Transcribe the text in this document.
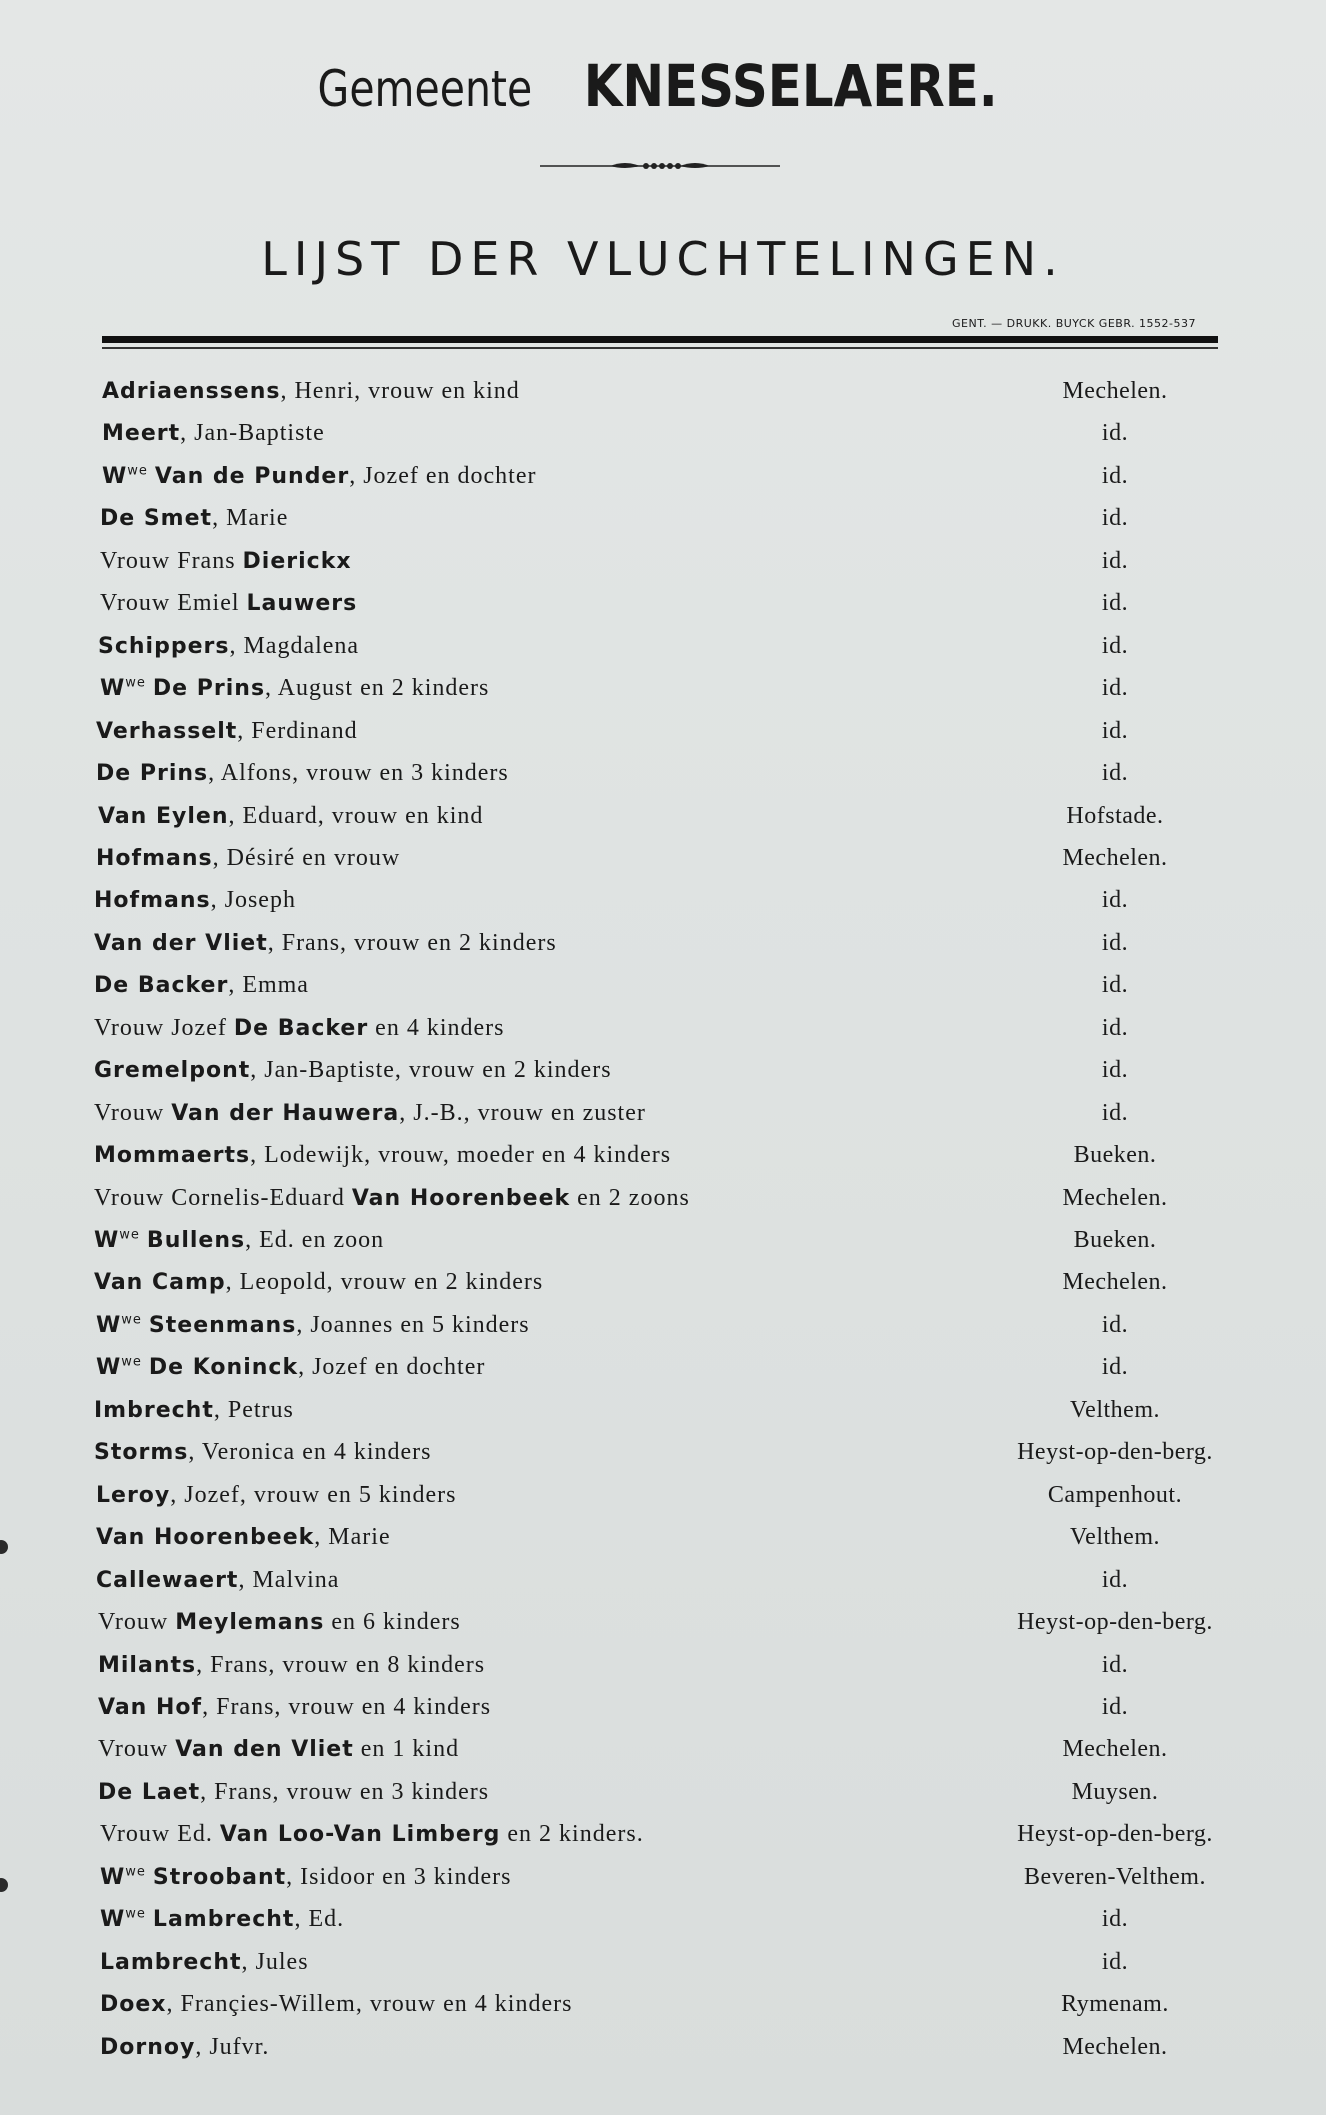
Gemeente KNESSELAERE.
LIJST DER VLUCHTELINGEN.
GENT. — DRUKK. BUYCK GEBR. 1552-537
Adriaenssens, Henri, vrouw en kind	Mechelen.
Meert, Jan-Baptiste	id.
$W^{we}$ Van de Punder, Jozef en dochter	id.
De Smet, Marie	id.
Vrouw Frans Dierickx	id.
Vrouw Emiel Lauwers	id.
Schippers, Magdalena	id.
$W^{we}$ De Prins, August en 2 kinders	id.
Verhasselt, Ferdinand	id.
De Prins, Alfons, vrouw en 3 kinders	id.
Van Eylen, Eduard, vrouw en kind	Hofstade.
Hofmans, Désiré en vrouw	Mechelen.
Hofmans, Joseph	id.
Van der Vliet, Frans, vrouw en 2 kinders	id.
De Backer, Emma	id.
Vrouw Jozef De Backer en 4 kinders	id.
Gremelpont, Jan-Baptiste, vrouw en 2 kinders	id.
Vrouw Van der Hauwera, J.-B., vrouw en zuster	id.
Mommaerts, Lodewijk, vrouw, moeder en 4 kinders	Bueken.
Vrouw Cornelis-Eduard Van Hoorenbeek en 2 zoons	Mechelen.
$W^{we}$ Bullens, Ed. en zoon	Bueken.
Van Camp, Leopold, vrouw en 2 kinders	Mechelen.
$W^{we}$ Steenmans, Joannes en 5 kinders	id.
$W^{we}$ De Koninck, Jozef en dochter	id.
Imbrecht, Petrus	Velthem.
Storms, Veronica en 4 kinders	Heyst-op-den-berg.
Leroy, Jozef, vrouw en 5 kinders	Campenhout.
Van Hoorenbeek, Marie	Velthem.
Callewaert, Malvina	id.
Vrouw Meylemans en 6 kinders	Heyst-op-den-berg.
Milants, Frans, vrouw en 8 kinders	id.
Van Hof, Frans, vrouw en 4 kinders	id.
Vrouw Van den Vliet en 1 kind	Mechelen.
De Laet, Frans, vrouw en 3 kinders	Muysen.
Vrouw Ed. Van Loo-Van Limberg en 2 kinders.	Heyst-op-den-berg.
$W^{we}$ Stroobant, Isidoor en 3 kinders	Beveren-Velthem.
$W^{we}$ Lambrecht, Ed.	id.
Lambrecht, Jules	id.
Doex, Françies-Willem, vrouw en 4 kinders	Rymenam.
Dornoy, Jufvr.	Mechelen.
